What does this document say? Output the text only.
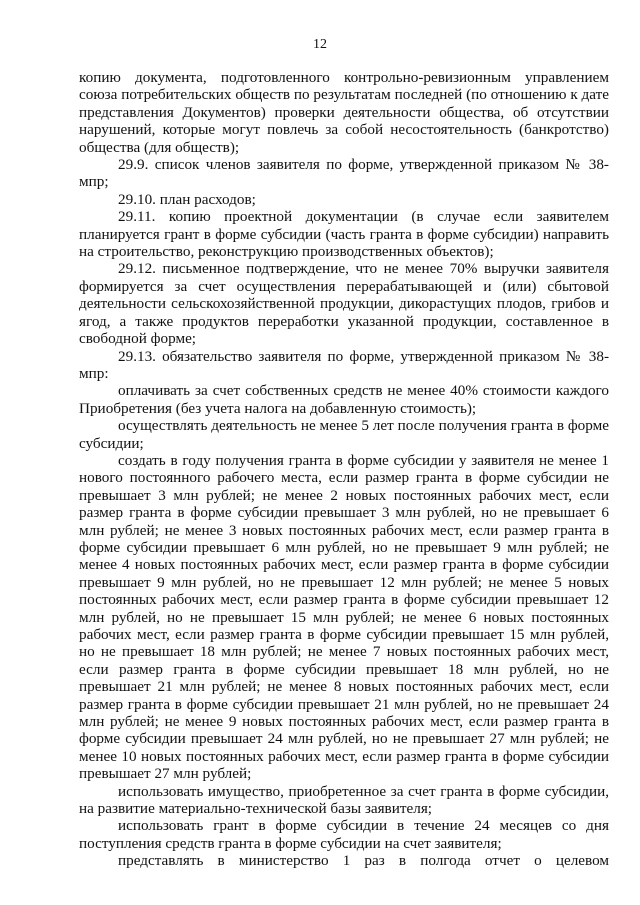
12

копию документа, подготовленного контрольно-ревизионным управлением союза потребительских обществ по результатам последней (по отношению к дате представления Документов) проверки деятельности общества, об отсутствии нарушений, которые могут повлечь за собой несостоятельность (банкротство) общества (для обществ);

29.9. список членов заявителя по форме, утвержденной приказом № 38-мпр;

29.10. план расходов;

29.11. копию проектной документации (в случае если заявителем планируется грант в форме субсидии (часть гранта в форме субсидии) направить на строительство, реконструкцию производственных объектов);

29.12. письменное подтверждение, что не менее 70% выручки заявителя формируется за счет осуществления перерабатывающей и (или) сбытовой деятельности сельскохозяйственной продукции, дикорастущих плодов, грибов и ягод, а также продуктов переработки указанной продукции, составленное в свободной форме;

29.13. обязательство заявителя по форме, утвержденной приказом № 38-мпр:

оплачивать за счет собственных средств не менее 40% стоимости каждого Приобретения (без учета налога на добавленную стоимость);

осуществлять деятельность не менее 5 лет после получения гранта в форме субсидии;

создать в году получения гранта в форме субсидии у заявителя не менее 1 нового постоянного рабочего места, если размер гранта в форме субсидии не превышает 3 млн рублей; не менее 2 новых постоянных рабочих мест, если размер гранта в форме субсидии превышает 3 млн рублей, но не превышает 6 млн рублей; не менее 3 новых постоянных рабочих мест, если размер гранта в форме субсидии превышает 6 млн рублей, но не превышает 9 млн рублей; не менее 4 новых постоянных рабочих мест, если размер гранта в форме субсидии превышает 9 млн рублей, но не превышает 12 млн рублей; не менее 5 новых постоянных рабочих мест, если размер гранта в форме субсидии превышает 12 млн рублей, но не превышает 15 млн рублей; не менее 6 новых постоянных рабочих мест, если размер гранта в форме субсидии превышает 15 млн рублей, но не превышает 18 млн рублей; не менее 7 новых постоянных рабочих мест, если размер гранта в форме субсидии превышает 18 млн рублей, но не превышает 21 млн рублей; не менее 8 новых постоянных рабочих мест, если размер гранта в форме субсидии превышает 21 млн рублей, но не превышает 24 млн рублей; не менее 9 новых постоянных рабочих мест, если размер гранта в форме субсидии превышает 24 млн рублей, но не превышает 27 млн рублей; не менее 10 новых постоянных рабочих мест, если размер гранта в форме субсидии превышает 27 млн рублей;

использовать имущество, приобретенное за счет гранта в форме субсидии, на развитие материально-технической базы заявителя;

использовать грант в форме субсидии в течение 24 месяцев со дня поступления средств гранта в форме субсидии на счет заявителя;

представлять в министерство 1 раз в полгода отчет о целевом
